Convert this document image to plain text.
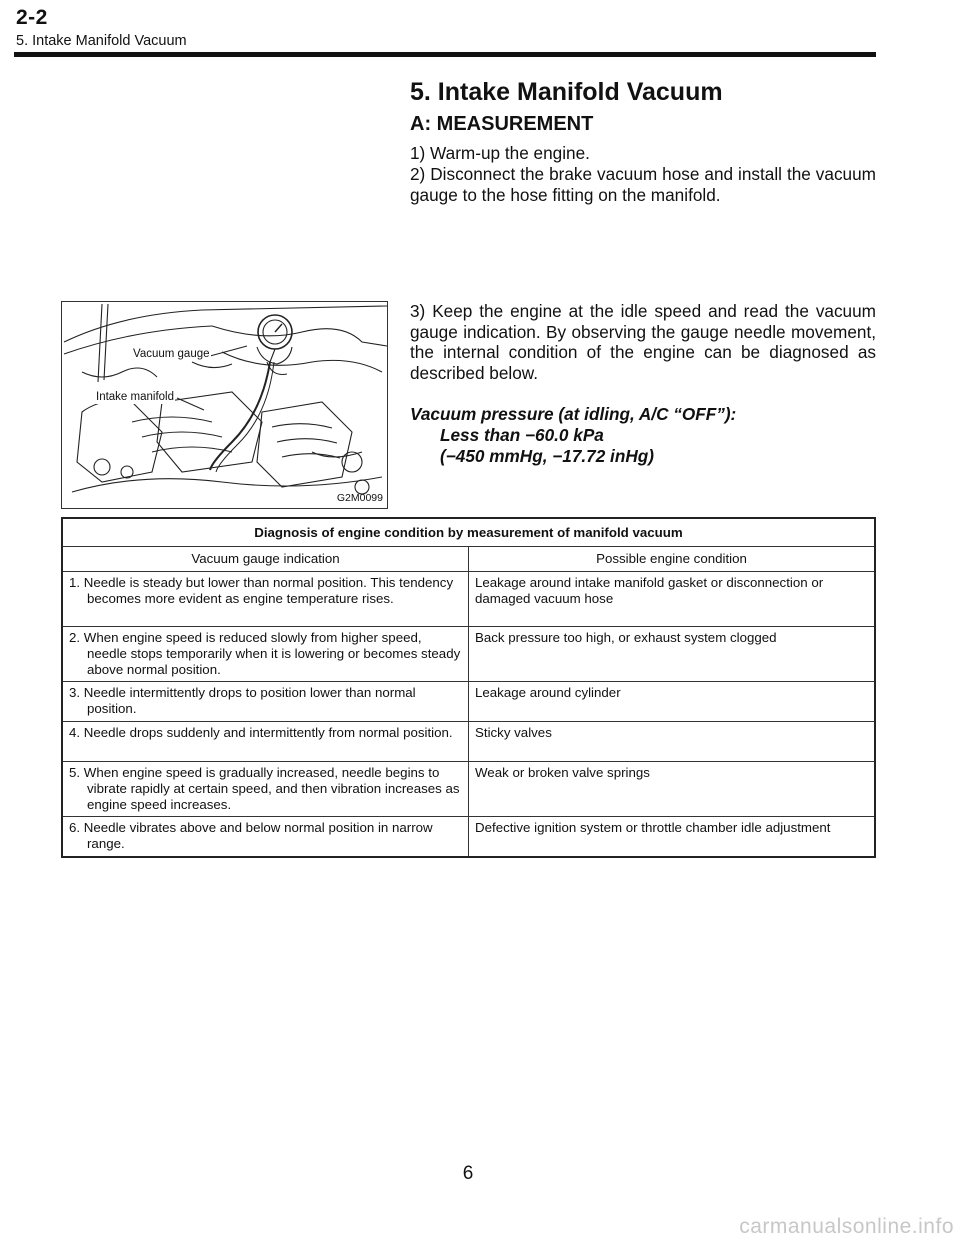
2-2
5. Intake Manifold Vacuum
5. Intake Manifold Vacuum
A: MEASUREMENT
1) Warm-up the engine.
2) Disconnect the brake vacuum hose and install the vacuum gauge to the hose fitting on the manifold.
3) Keep the engine at the idle speed and read the vacuum gauge indication. By observing the gauge needle movement, the internal condition of the engine can be diagnosed as described below.
Vacuum pressure (at idling, A/C “OFF”):
Less than −60.0 kPa
(−450 mmHg, −17.72 inHg)
Vacuum gauge
Intake manifold
G2M0099
Diagnosis of engine condition by measurement of manifold vacuum	
Vacuum gauge indication	Possible engine condition

1. Needle is steady but lower than normal position. This tendency becomes more evident as engine temperature rises.	Leakage around intake manifold gasket or disconnection or damaged vacuum hose

2. When engine speed is reduced slowly from higher speed, needle stops temporarily when it is lowering or becomes steady above normal position.	Back pressure too high, or exhaust system clogged

3. Needle intermittently drops to position lower than normal position.	Leakage around cylinder

4. Needle drops suddenly and intermittently from normal position.	Sticky valves

5. When engine speed is gradually increased, needle begins to vibrate rapidly at certain speed, and then vibration increases as engine speed increases.	Weak or broken valve springs

6. Needle vibrates above and below normal position in narrow range.	Defective ignition system or throttle chamber idle adjustment
6
carmanualsonline.info
